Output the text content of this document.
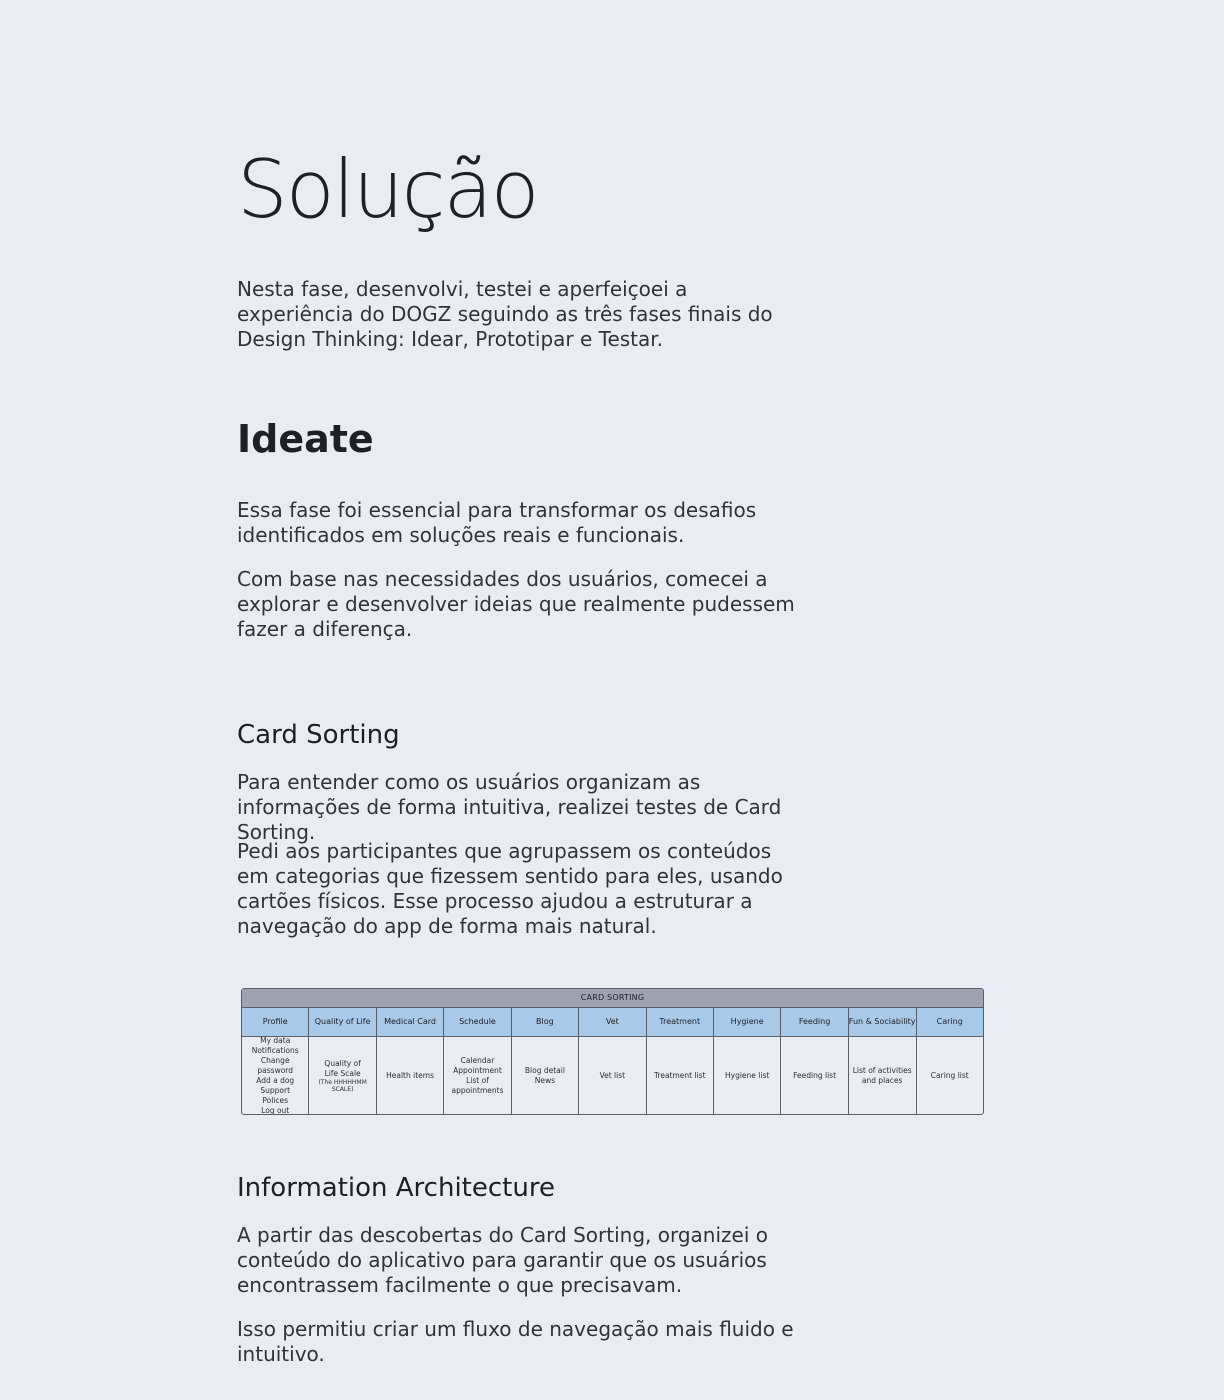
Solução

Nesta fase, desenvolvi, testei e aperfeiçoei a experiência do DOGZ seguindo as três fases finais do Design Thinking: Idear, Prototipar e Testar.

Ideate

Essa fase foi essencial para transformar os desafios identificados em soluções reais e funcionais.

Com base nas necessidades dos usuários, comecei a explorar e desenvolver ideias que realmente pudessem fazer a diferença.

Card Sorting

Para entender como os usuários organizam as informações de forma intuitiva, realizei testes de Card Sorting.

Pedi aos participantes que agrupassem os conteúdos em categorias que fizessem sentido para eles, usando cartões físicos. Esse processo ajudou a estruturar a navegação do app de forma mais natural.

Information Architecture

A partir das descobertas do Card Sorting, organizei o conteúdo do aplicativo para garantir que os usuários encontrassem facilmente o que precisavam.

Isso permitiu criar um fluxo de navegação mais fluido e intuitivo.

CARD SORTING
Profile
My data
Notifications
Change password
Add a dog
Support
Polices
Log out
Quality of Life
Quality of
Life Scale
(The HHHHHMM SCALE)
Medical Card
Health items
Schedule
Calendar
Appointment
List of
appointments
Blog
Blog detail
News
Vet
Vet list
Treatment
Treatment list
Hygiene
Hygiene list
Feeding
Feeding list
Fun & Sociability
List of activities
and places
Caring
Caring list
